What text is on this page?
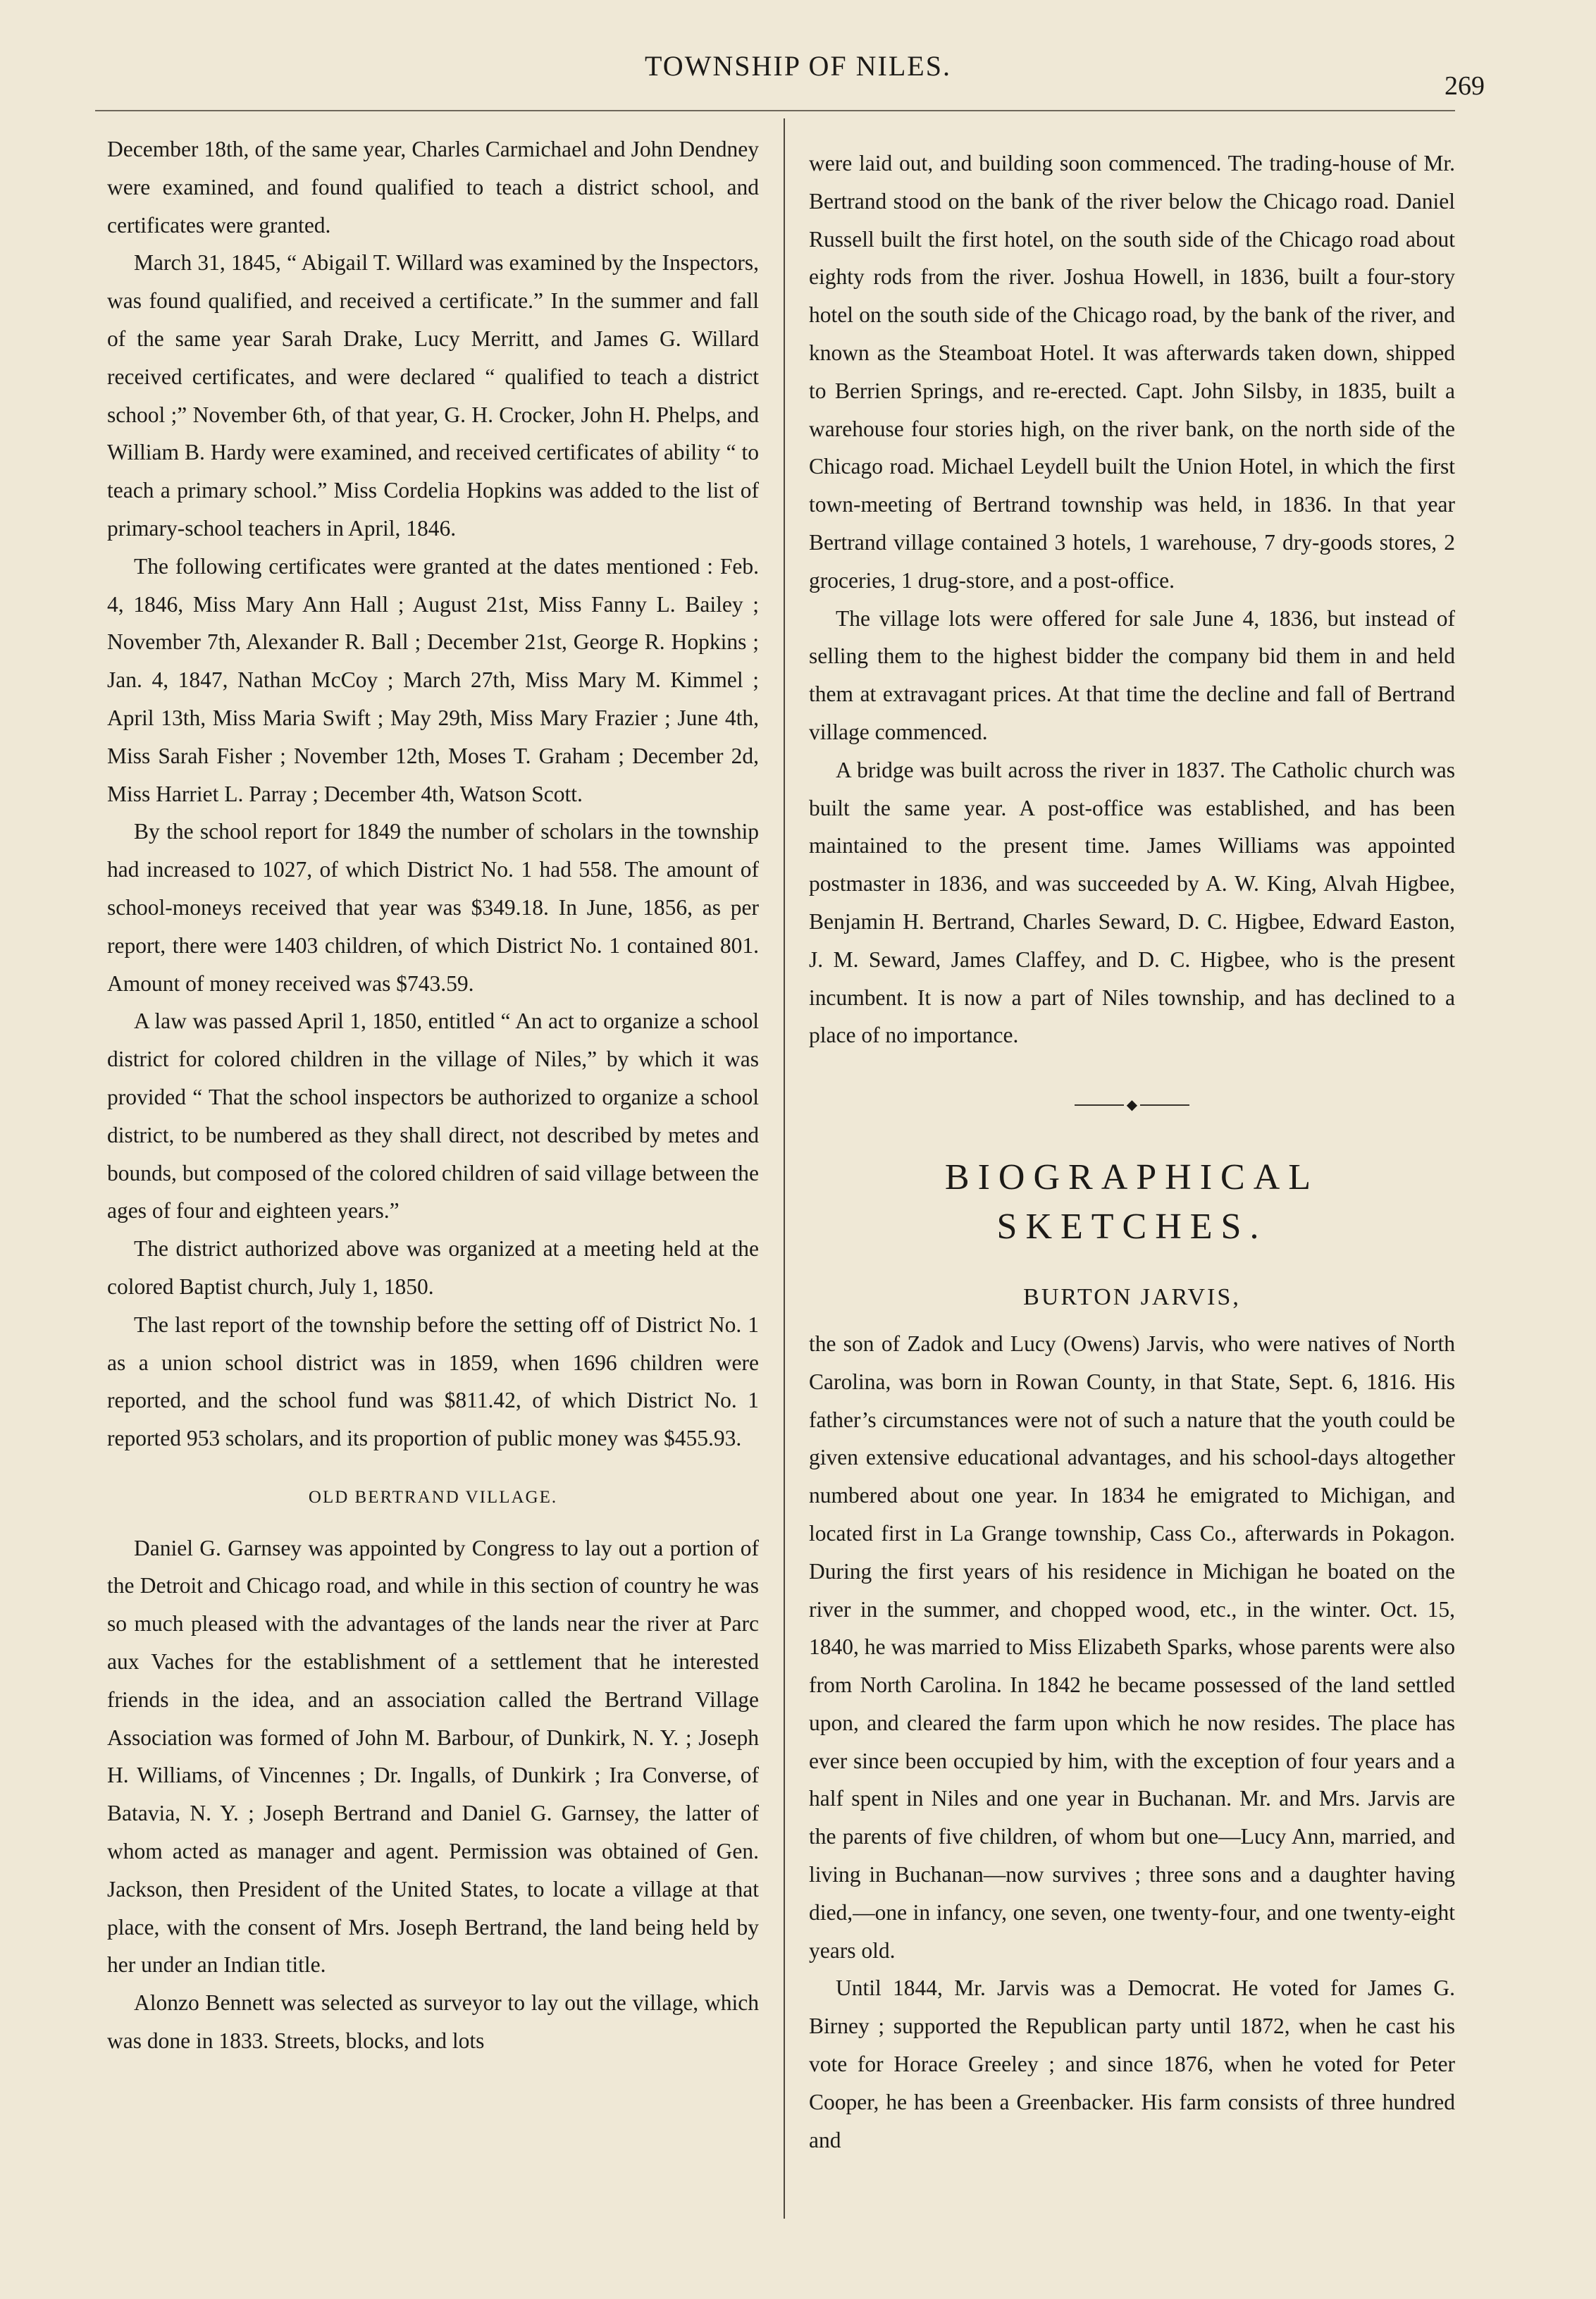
TOWNSHIP OF NILES.
269

December 18th, of the same year, Charles Carmichael and John Dendney were examined, and found qualified to teach a district school, and certificates were granted.

March 31, 1845, “ Abigail T. Willard was examined by the Inspectors, was found qualified, and received a certificate.” In the summer and fall of the same year Sarah Drake, Lucy Merritt, and James G. Willard received certificates, and were declared “ qualified to teach a district school ;” November 6th, of that year, G. H. Crocker, John H. Phelps, and William B. Hardy were examined, and received certificates of ability “ to teach a primary school.” Miss Cordelia Hopkins was added to the list of primary-school teachers in April, 1846.

The following certificates were granted at the dates mentioned : Feb. 4, 1846, Miss Mary Ann Hall ; August 21st, Miss Fanny L. Bailey ; November 7th, Alexander R. Ball ; December 21st, George R. Hopkins ; Jan. 4, 1847, Nathan McCoy ; March 27th, Miss Mary M. Kimmel ; April 13th, Miss Maria Swift ; May 29th, Miss Mary Frazier ; June 4th, Miss Sarah Fisher ; November 12th, Moses T. Graham ; December 2d, Miss Harriet L. Parray ; December 4th, Watson Scott.

By the school report for 1849 the number of scholars in the township had increased to 1027, of which District No. 1 had 558. The amount of school-moneys received that year was $349.18. In June, 1856, as per report, there were 1403 children, of which District No. 1 contained 801. Amount of money received was $743.59.

A law was passed April 1, 1850, entitled “ An act to organize a school district for colored children in the village of Niles,” by which it was provided “ That the school inspectors be authorized to organize a school district, to be numbered as they shall direct, not described by metes and bounds, but composed of the colored children of said village between the ages of four and eighteen years.”

The district authorized above was organized at a meeting held at the colored Baptist church, July 1, 1850.

The last report of the township before the setting off of District No. 1 as a union school district was in 1859, when 1696 children were reported, and the school fund was $811.42, of which District No. 1 reported 953 scholars, and its proportion of public money was $455.93.

OLD BERTRAND VILLAGE.

Daniel G. Garnsey was appointed by Congress to lay out a portion of the Detroit and Chicago road, and while in this section of country he was so much pleased with the advantages of the lands near the river at Parc aux Vaches for the establishment of a settlement that he interested friends in the idea, and an association called the Bertrand Village Association was formed of John M. Barbour, of Dunkirk, N. Y. ; Joseph H. Williams, of Vincennes ; Dr. Ingalls, of Dunkirk ; Ira Converse, of Batavia, N. Y. ; Joseph Bertrand and Daniel G. Garnsey, the latter of whom acted as manager and agent. Permission was obtained of Gen. Jackson, then President of the United States, to locate a village at that place, with the consent of Mrs. Joseph Bertrand, the land being held by her under an Indian title.

Alonzo Bennett was selected as surveyor to lay out the village, which was done in 1833. Streets, blocks, and lots

were laid out, and building soon commenced. The trading-house of Mr. Bertrand stood on the bank of the river below the Chicago road. Daniel Russell built the first hotel, on the south side of the Chicago road about eighty rods from the river. Joshua Howell, in 1836, built a four-story hotel on the south side of the Chicago road, by the bank of the river, and known as the Steamboat Hotel. It was afterwards taken down, shipped to Berrien Springs, and re-erected. Capt. John Silsby, in 1835, built a warehouse four stories high, on the river bank, on the north side of the Chicago road. Michael Leydell built the Union Hotel, in which the first town-meeting of Bertrand township was held, in 1836. In that year Bertrand village contained 3 hotels, 1 warehouse, 7 dry-goods stores, 2 groceries, 1 drug-store, and a post-office.

The village lots were offered for sale June 4, 1836, but instead of selling them to the highest bidder the company bid them in and held them at extravagant prices. At that time the decline and fall of Bertrand village commenced.

A bridge was built across the river in 1837. The Catholic church was built the same year. A post-office was established, and has been maintained to the present time. James Williams was appointed postmaster in 1836, and was succeeded by A. W. King, Alvah Higbee, Benjamin H. Bertrand, Charles Seward, D. C. Higbee, Edward Easton, J. M. Seward, James Claffey, and D. C. Higbee, who is the present incumbent. It is now a part of Niles township, and has declined to a place of no importance.

◆
BIOGRAPHICAL SKETCHES.
BURTON JARVIS,

the son of Zadok and Lucy (Owens) Jarvis, who were natives of North Carolina, was born in Rowan County, in that State, Sept. 6, 1816. His father’s circumstances were not of such a nature that the youth could be given extensive educational advantages, and his school-days altogether numbered about one year. In 1834 he emigrated to Michigan, and located first in La Grange township, Cass Co., afterwards in Pokagon. During the first years of his residence in Michigan he boated on the river in the summer, and chopped wood, etc., in the winter. Oct. 15, 1840, he was married to Miss Elizabeth Sparks, whose parents were also from North Carolina. In 1842 he became possessed of the land settled upon, and cleared the farm upon which he now resides. The place has ever since been occupied by him, with the exception of four years and a half spent in Niles and one year in Buchanan. Mr. and Mrs. Jarvis are the parents of five children, of whom but one—Lucy Ann, married, and living in Buchanan—now survives ; three sons and a daughter having died,—one in infancy, one seven, one twenty-four, and one twenty-eight years old.

Until 1844, Mr. Jarvis was a Democrat. He voted for James G. Birney ; supported the Republican party until 1872, when he cast his vote for Horace Greeley ; and since 1876, when he voted for Peter Cooper, he has been a Greenbacker. His farm consists of three hundred and
